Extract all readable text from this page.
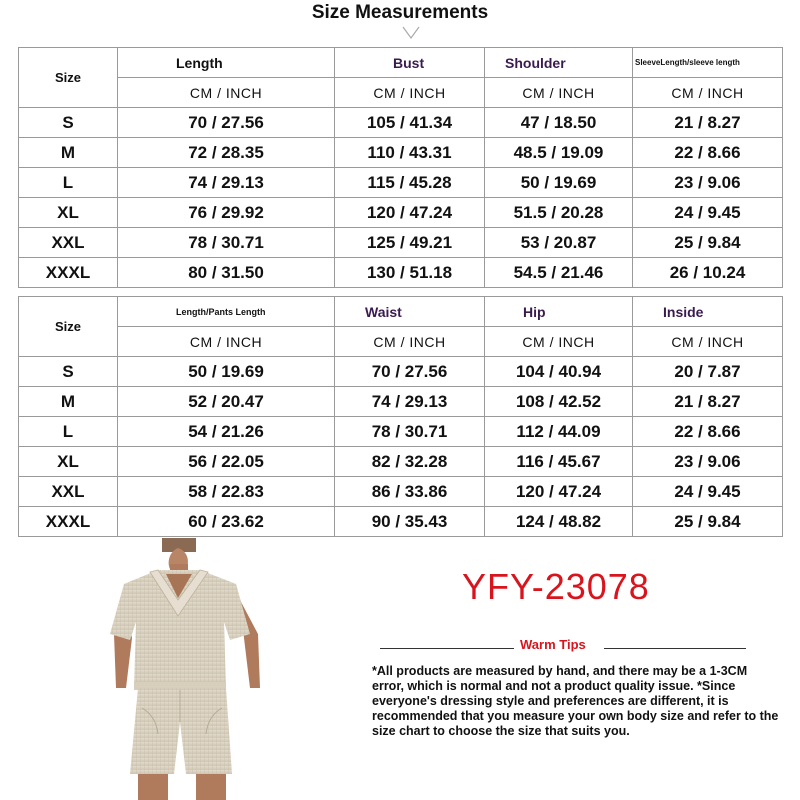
Size Measurements
Size	Length	Bust	Shoulder	SleeveLength/sleeve length
	CM / INCH	CM / INCH	CM / INCH	CM / INCH
S	70 / 27.56	105 / 41.34	47 / 18.50	21 / 8.27
M	72 / 28.35	110 / 43.31	48.5 / 19.09	22 / 8.66
L	74 / 29.13	115 / 45.28	50 / 19.69	23 / 9.06
XL	76 / 29.92	120 / 47.24	51.5 / 20.28	24 / 9.45
XXL	78 / 30.71	125 / 49.21	53 / 20.87	25 / 9.84
XXXL	80 / 31.50	130 / 51.18	54.5 / 21.46	26 / 10.24
Size	Length/Pants Length	Waist	Hip	Inside
	CM / INCH	CM / INCH	CM / INCH	CM / INCH
S	50 / 19.69	70 / 27.56	104 / 40.94	20 / 7.87
M	52 / 20.47	74 / 29.13	108 / 42.52	21 / 8.27
L	54 / 21.26	78 / 30.71	112 / 44.09	22 / 8.66
XL	56 / 22.05	82 / 32.28	116 / 45.67	23 / 9.06
XXL	58 / 22.83	86 / 33.86	120 / 47.24	24 / 9.45
XXXL	60 / 23.62	90 / 35.43	124 / 48.82	25 / 9.84
YFY-23078
Warm Tips
*All products are measured by hand, and there may be a 1-3CM error, which is normal and not a product quality issue. *Since everyone's dressing style and preferences are different, it is recommended that you measure your own body size and refer to the size chart to choose the size that suits you.
